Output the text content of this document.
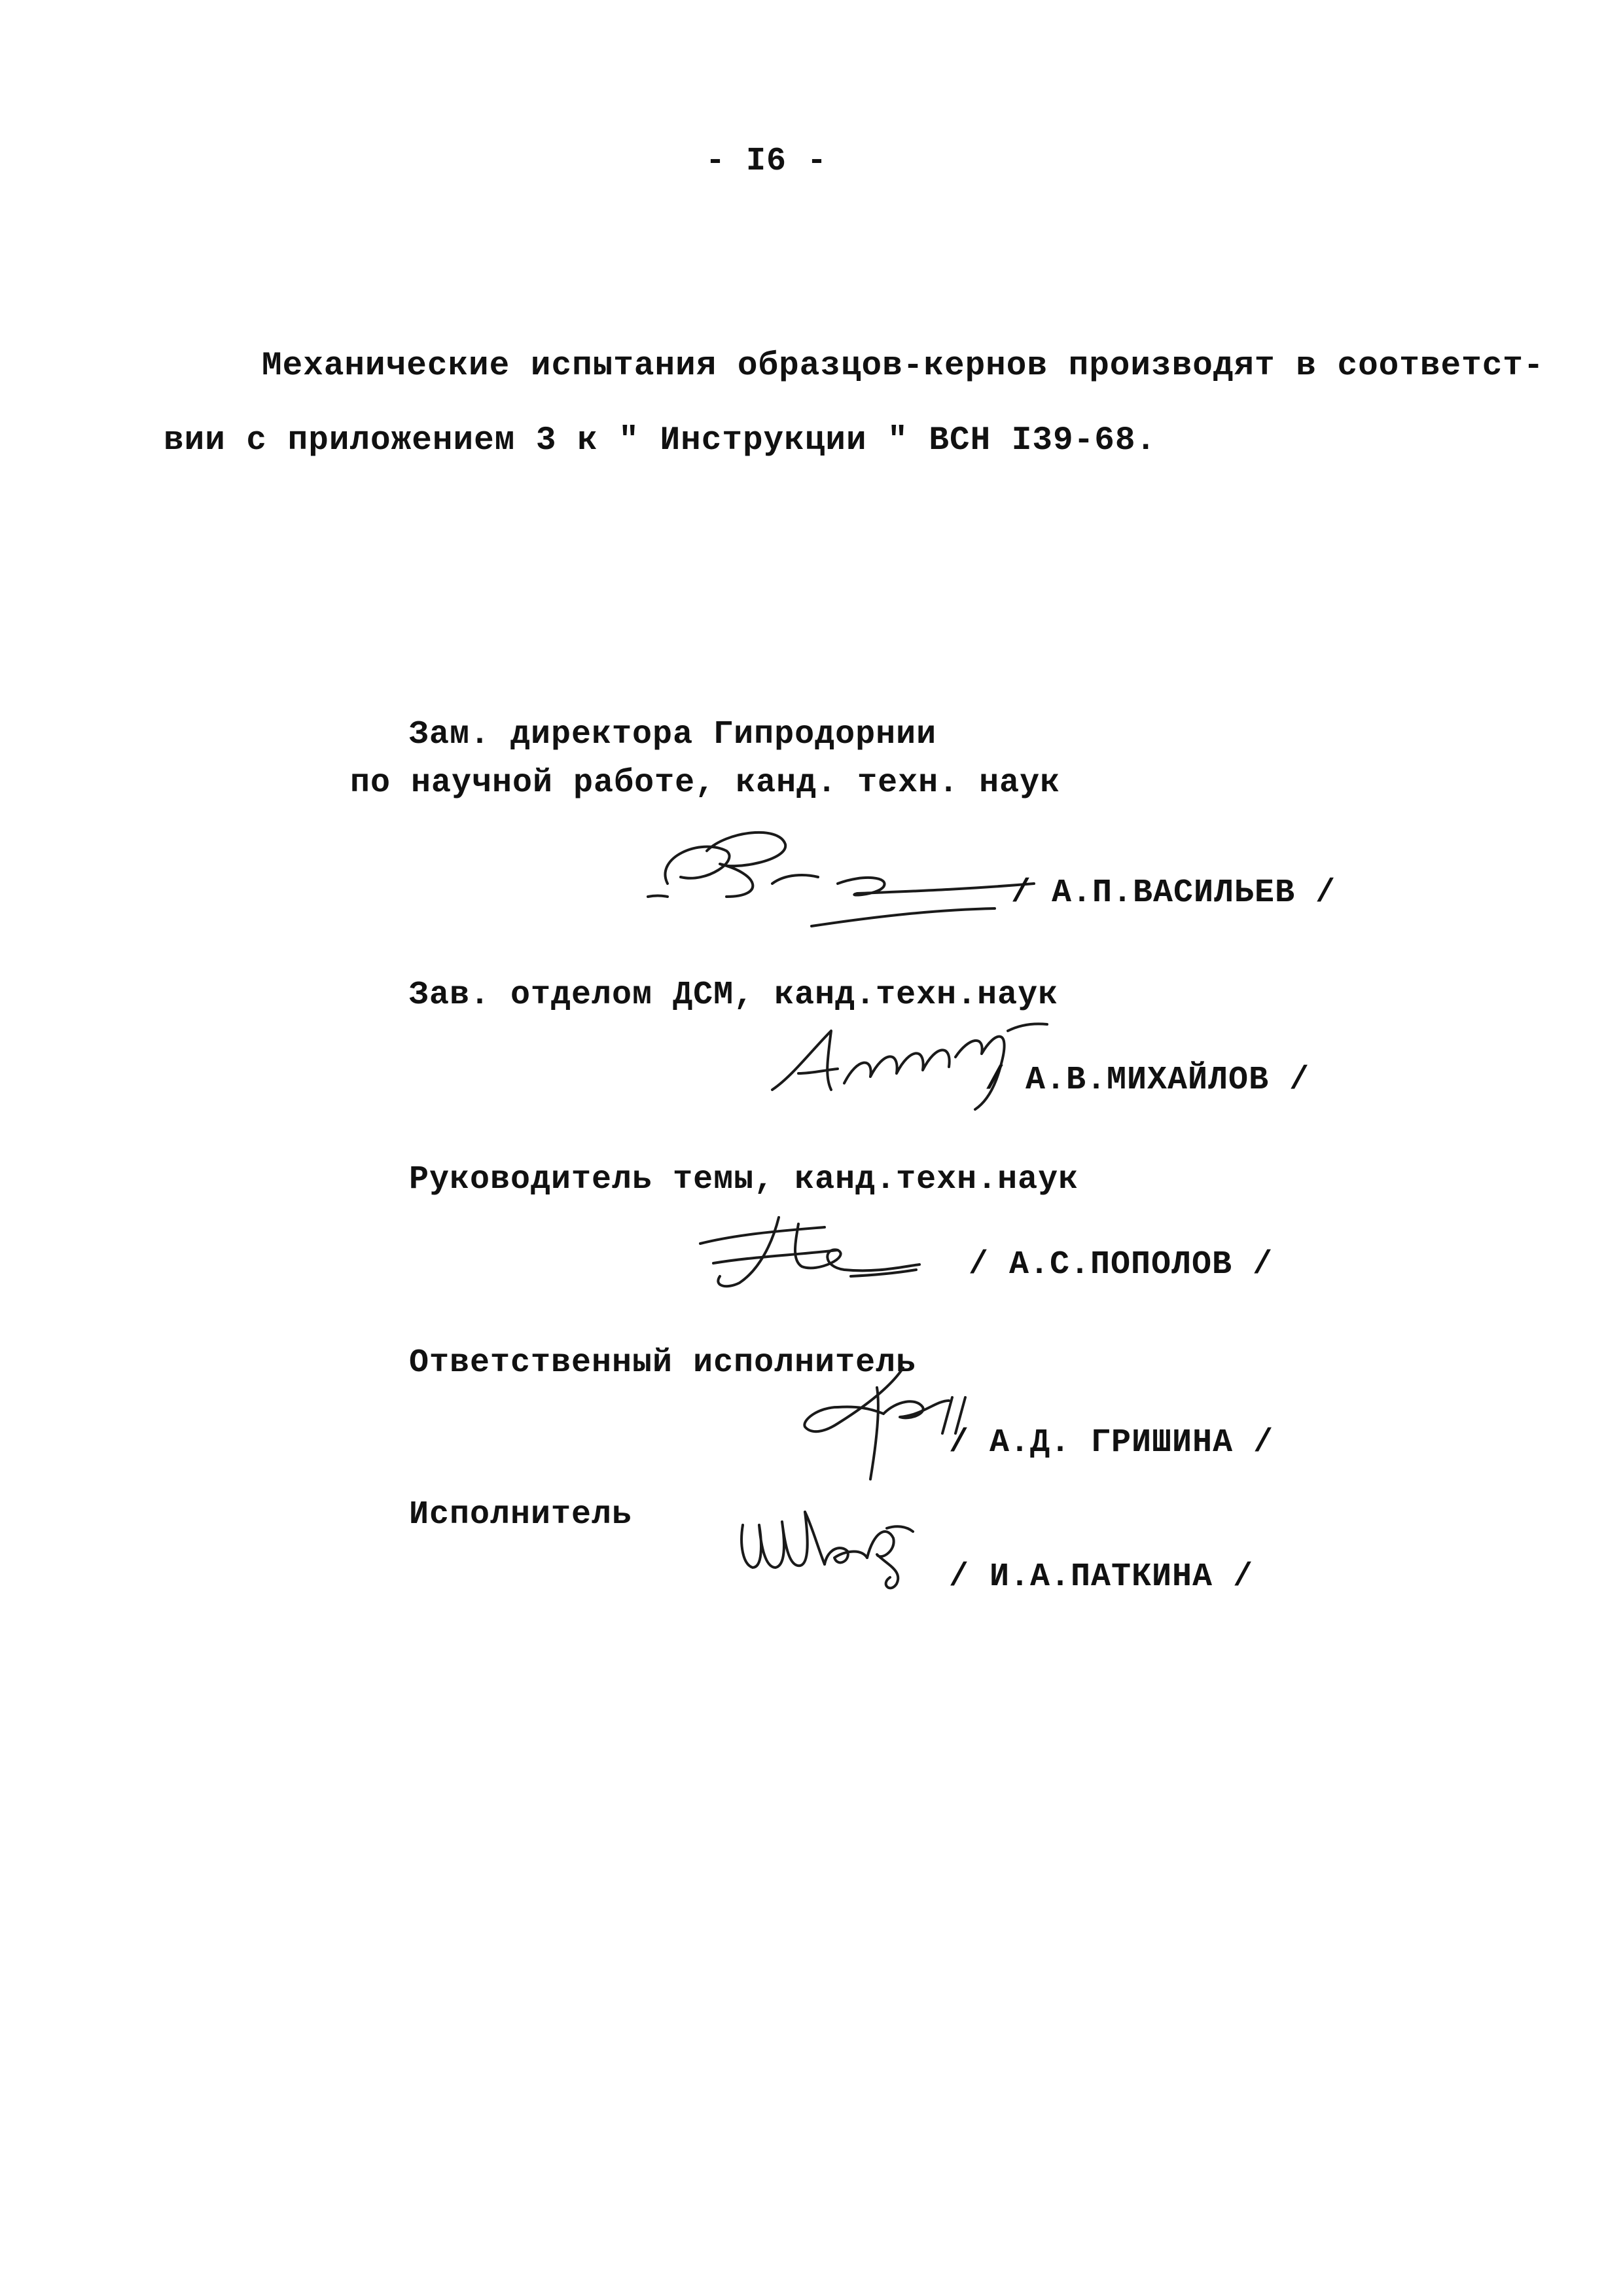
- I6 -
Механические испытания образцов-кернов производят в соответст-
вии с приложением 3 к " Инструкции " ВСН I39-68.
Зам. директора Гипродорнии
по научной работе, канд. техн. наук
/ А.П.ВАСИЛЬЕВ /
Зав. отделом ДСМ, канд.техн.наук
/ А.В.МИХАЙЛОВ /
Руководитель темы, канд.техн.наук
/ А.С.ПОПОЛОВ /
Ответственный исполнитель
/ А.Д. ГРИШИНА /
Исполнитель
/ И.А.ПАТКИНА /
